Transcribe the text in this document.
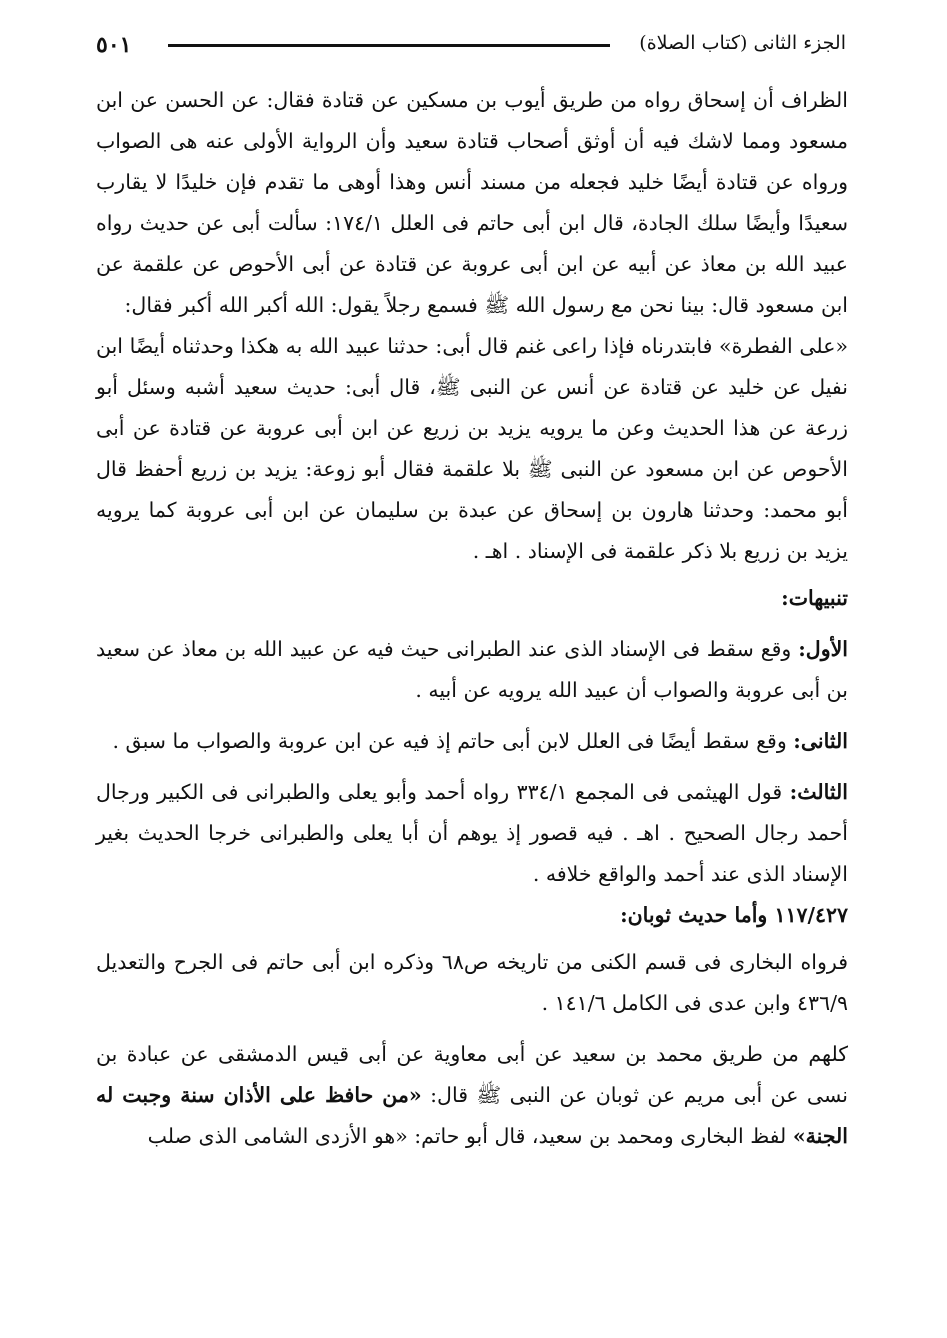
٥٠١	الجزء الثانى (كتاب الصلاة)

الظراف أن إسحاق رواه من طريق أيوب بن مسكين عن قتادة فقال: عن الحسن عن ابن مسعود ومما لاشك فيه أن أوثق أصحاب قتادة سعيد وأن الرواية الأولى عنه هى الصواب ورواه عن قتادة أيضًا خليد فجعله من مسند أنس وهذا أوهى ما تقدم فإن خليدًا لا يقارب سعيدًا وأيضًا سلك الجادة، قال ابن أبى حاتم فى العلل ١٧٤/١: سألت أبى عن حديث رواه عبيد الله بن معاذ عن أبيه عن ابن أبى عروبة عن قتادة عن أبى الأحوص عن علقمة عن ابن مسعود قال: بينا نحن مع رسول الله ﷺ فسمع رجلاً يقول: الله أكبر الله أكبر فقال:

«على الفطرة» فابتدرناه فإذا راعى غنم قال أبى: حدثنا عبيد الله به هكذا وحدثناه أيضًا ابن نفيل عن خليد عن قتادة عن أنس عن النبى ﷺ، قال أبى: حديث سعيد أشبه وسئل أبو زرعة عن هذا الحديث وعن ما يرويه يزيد بن زريع عن ابن أبى عروبة عن قتادة عن أبى الأحوص عن ابن مسعود عن النبى ﷺ بلا علقمة فقال أبو زوعة: يزيد بن زريع أحفظ قال أبو محمد: وحدثنا هارون بن إسحاق عن عبدة بن سليمان عن ابن أبى عروبة كما يرويه يزيد بن زريع بلا ذكر علقمة فى الإسناد . اهـ .

تنبيهات:

الأول: وقع سقط فى الإسناد الذى عند الطبرانى حيث فيه عن عبيد الله بن معاذ عن سعيد بن أبى عروبة والصواب أن عبيد الله يرويه عن أبيه .

الثانى: وقع سقط أيضًا فى العلل لابن أبى حاتم إذ فيه عن ابن عروبة والصواب ما سبق .

الثالث: قول الهيثمى فى المجمع ٣٣٤/١ رواه أحمد وأبو يعلى والطبرانى فى الكبير ورجال أحمد رجال الصحيح . اهـ . فيه قصور إذ يوهم أن أبا يعلى والطبرانى خرجا الحديث بغير الإسناد الذى عند أحمد والواقع خلافه .

١١٧/٤٢٧ وأما حديث ثوبان:

فرواه البخارى فى قسم الكنى من تاريخه ص٦٨ وذكره ابن أبى حاتم فى الجرح والتعديل ٤٣٦/٩ وابن عدى فى الكامل ١٤١/٦ .

كلهم من طريق محمد بن سعيد عن أبى معاوية عن أبى قيس الدمشقى عن عبادة بن نسى عن أبى مريم عن ثوبان عن النبى ﷺ قال: «من حافظ على الأذان سنة وجبت له الجنة» لفظ البخارى ومحمد بن سعيد، قال أبو حاتم: «هو الأزدى الشامى الذى صلب
